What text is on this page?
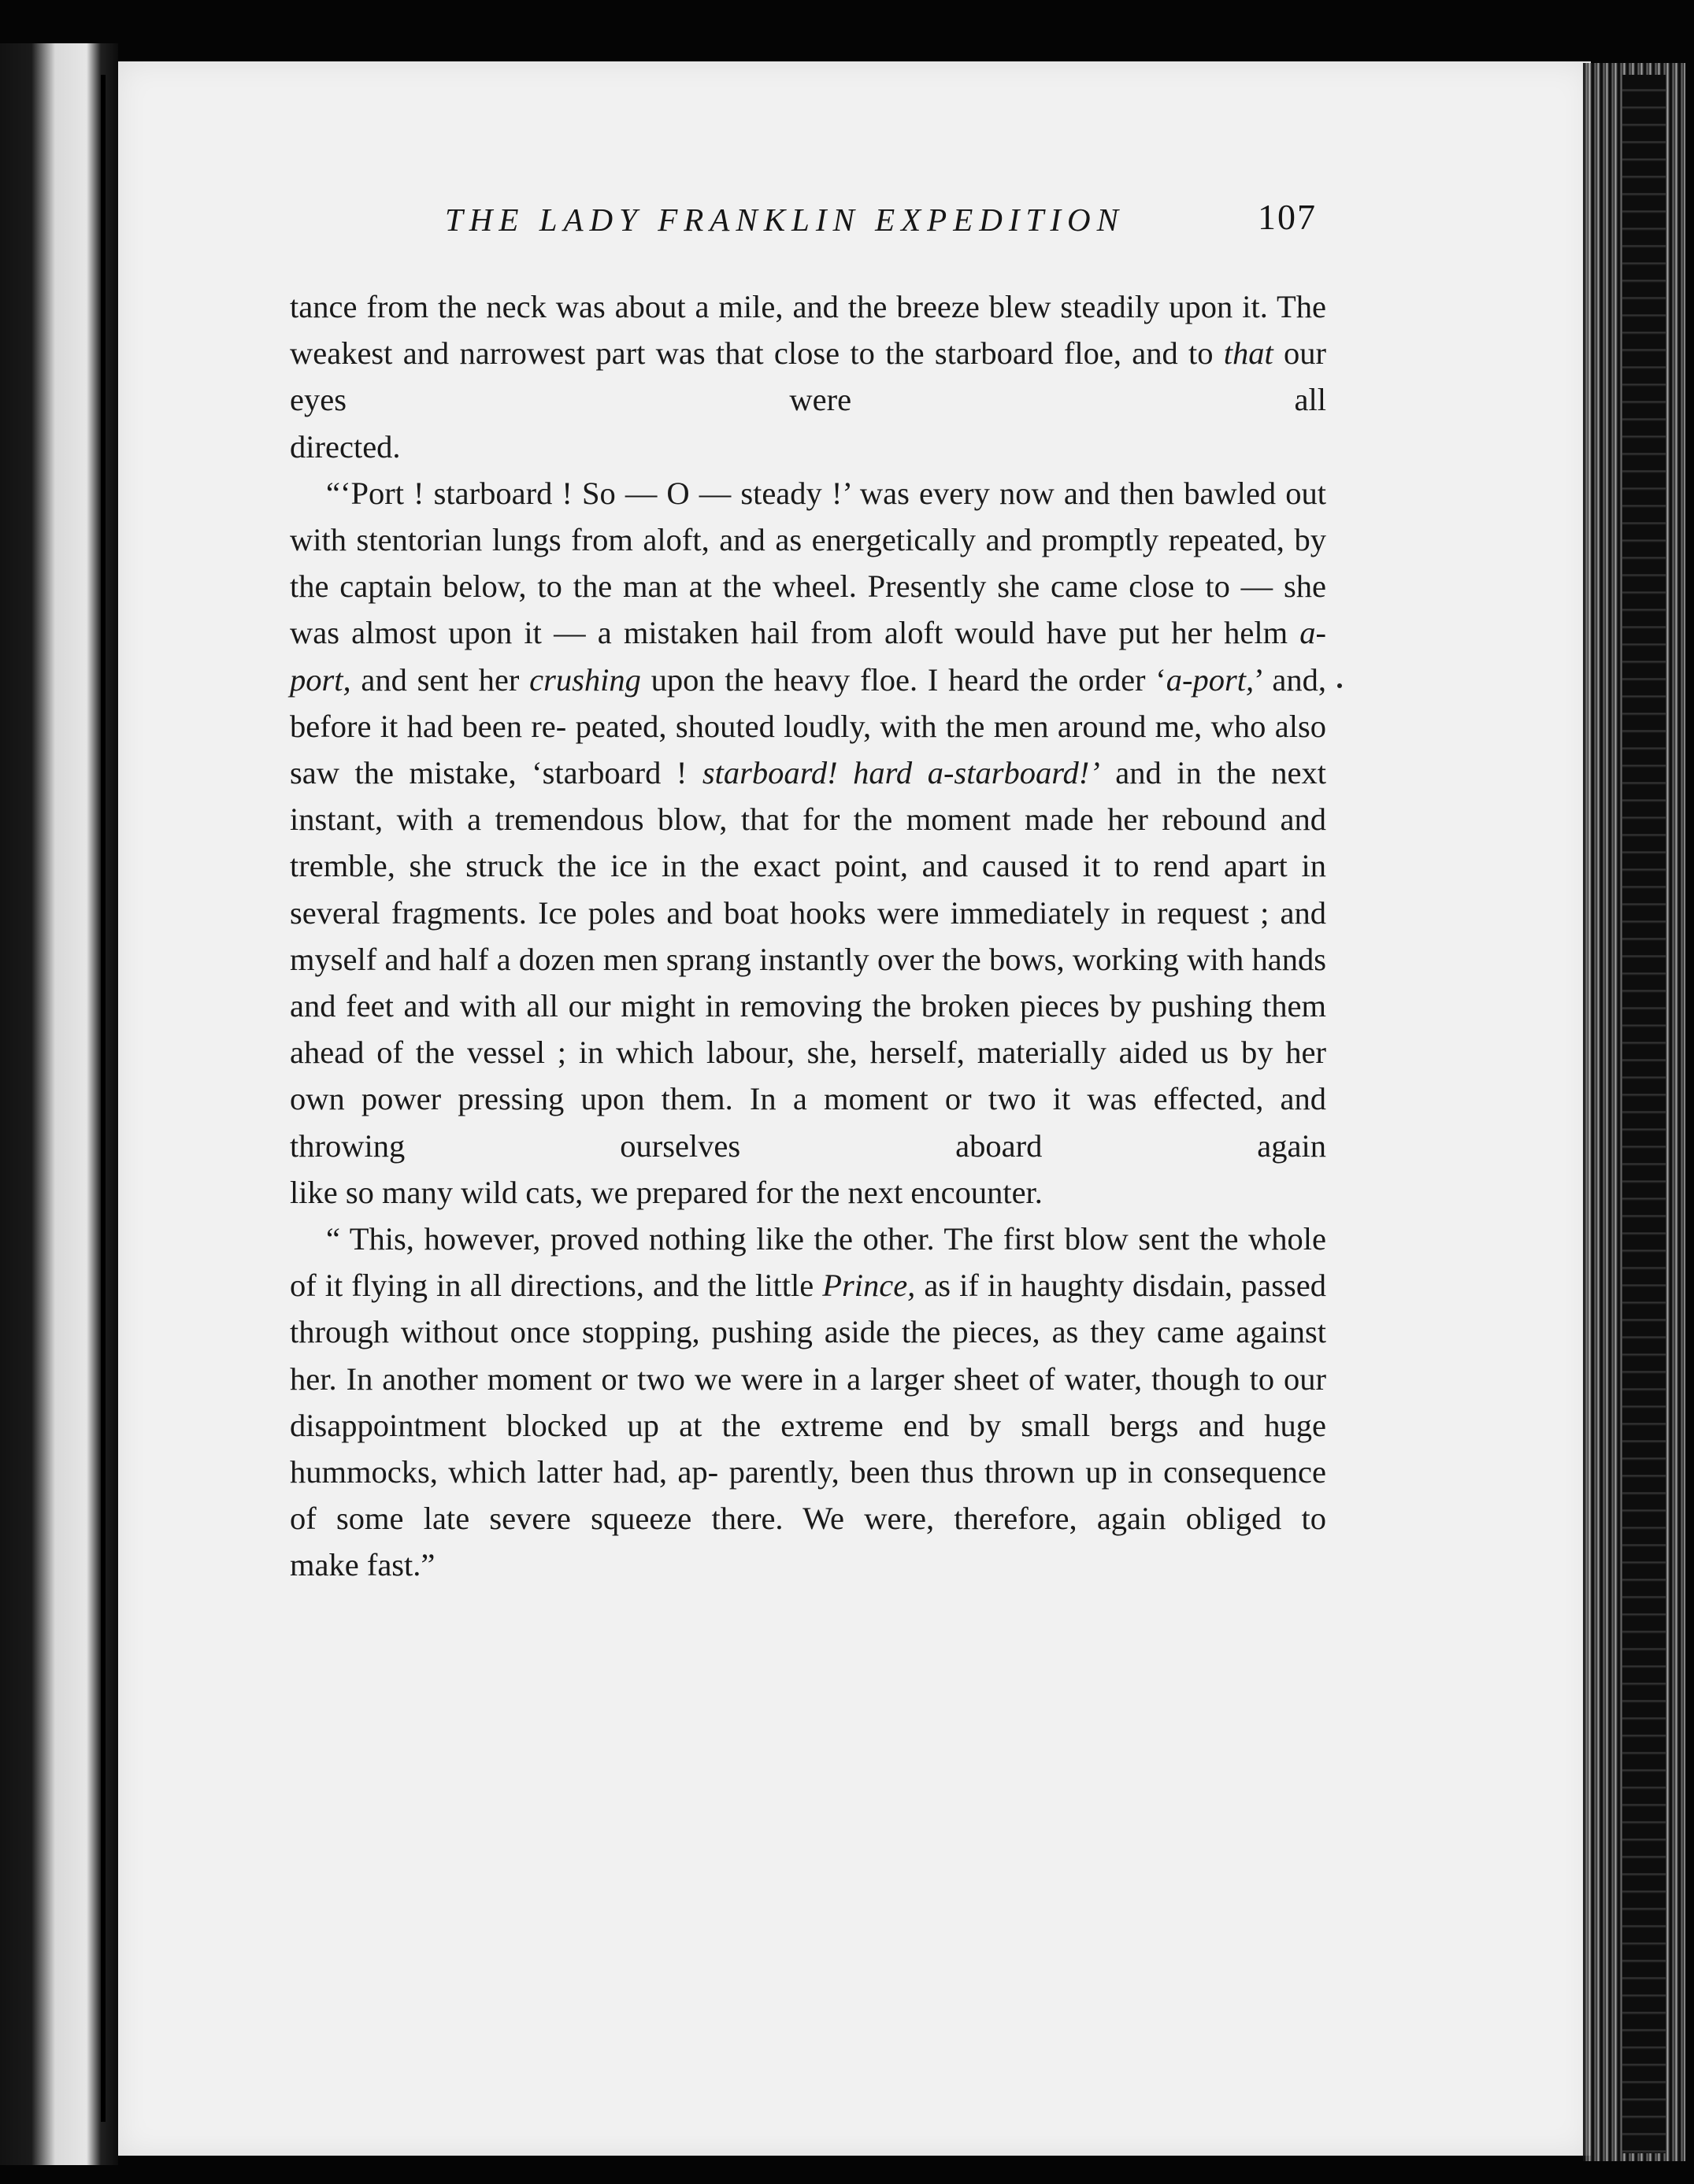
THE LADY FRANKLIN EXPEDITION	107

tance from the neck was about a mile, and the breeze blew steadily upon it. The weakest and narrowest part was that close to the starboard floe, and to that our eyes were all

directed.

“‘Port ! starboard ! So — O — steady !’ was every now and then bawled out with stentorian lungs from aloft, and as energetically and promptly repeated, by the captain below, to the man at the wheel. Presently she came close to — she was almost upon it — a mistaken hail from aloft would have put her helm a-port, and sent her crushing upon the heavy floe. I heard the order ‘a-port,’ and, before it had been re- peated, shouted loudly, with the men around me, who also saw the mistake, ‘starboard ! starboard! hard a-starboard!’ and in the next instant, with a tremendous blow, that for the moment made her rebound and tremble, she struck the ice in the exact point, and caused it to rend apart in several fragments. Ice poles and boat hooks were immediately in request ; and myself and half a dozen men sprang instantly over the bows, working with hands and feet and with all our might in removing the broken pieces by pushing them ahead of the vessel ; in which labour, she, herself, materially aided us by her own power pressing upon them. In a moment or two it was effected, and throwing ourselves aboard again

like so many wild cats, we prepared for the next encounter.

“ This, however, proved nothing like the other. The first blow sent the whole of it flying in all directions, and the little Prince, as if in haughty disdain, passed through without once stopping, pushing aside the pieces, as they came against her. In another moment or two we were in a larger sheet of water, though to our disappointment blocked up at the extreme end by small bergs and huge hummocks, which latter had, ap- parently, been thus thrown up in consequence of some late severe squeeze there. We were, therefore, again obliged to

make fast.”
